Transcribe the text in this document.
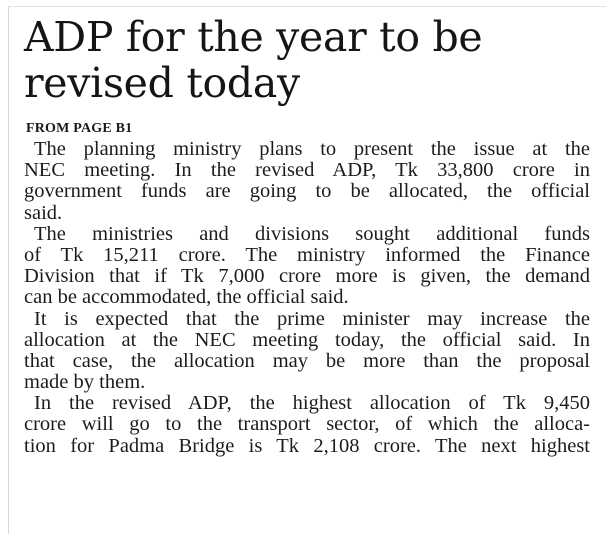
ADP for the year to be
revised today

FROM PAGE B1

The planning ministry plans to present the issue at the
NEC meeting. In the revised ADP, Tk 33,800 crore in
government funds are going to be allocated, the official
said.

The ministries and divisions sought additional funds
of Tk 15,211 crore. The ministry informed the Finance
Division that if Tk 7,000 crore more is given, the demand
can be accommodated, the official said.

It is expected that the prime minister may increase the
allocation at the NEC meeting today, the official said. In
that case, the allocation may be more than the proposal
made by them.

In the revised ADP, the highest allocation of Tk 9,450
crore will go to the transport sector, of which the alloca-
tion for Padma Bridge is Tk 2,108 crore. The next highest
